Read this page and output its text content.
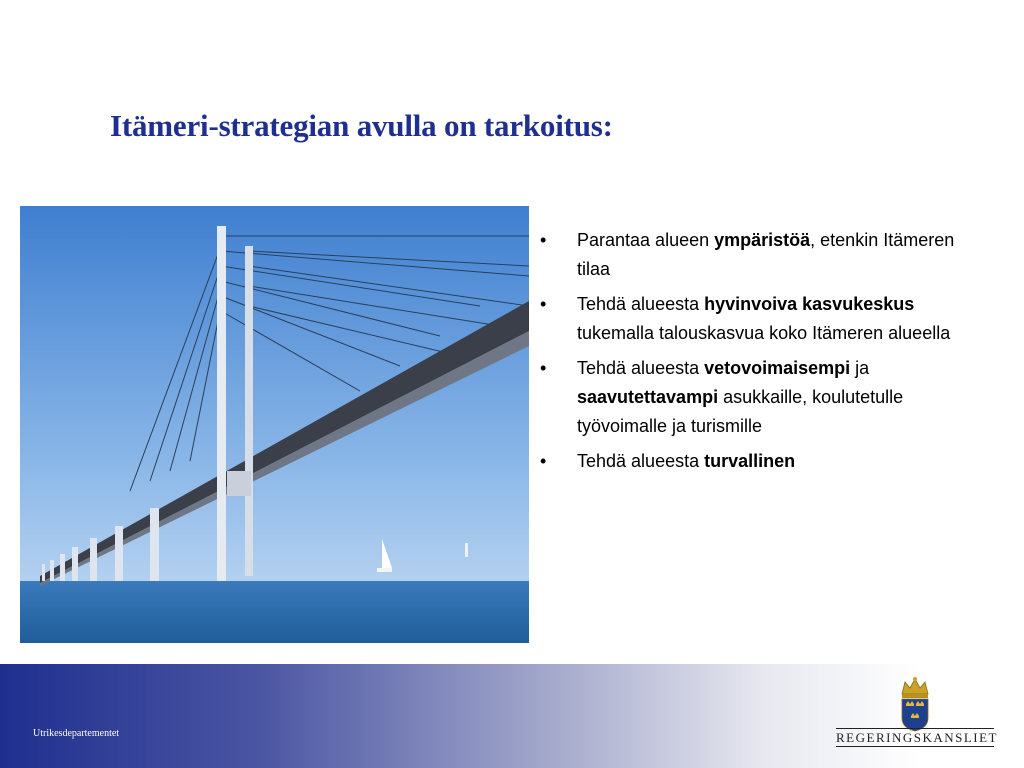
Itämeri-strategian avulla on tarkoitus:
• Parantaa alueen ympäristöä, etenkin Itämeren tilaa
• Tehdä alueesta hyvinvoiva kasvukeskus tukemalla talouskasvua koko Itämeren alueella
• Tehdä alueesta vetovoimaisempi ja saavutettavampi asukkaille, koulutetulle työvoimalle ja turismille
• Tehdä alueesta turvallinen
Utrikesdepartementet	REGERINGSKANSLIET
